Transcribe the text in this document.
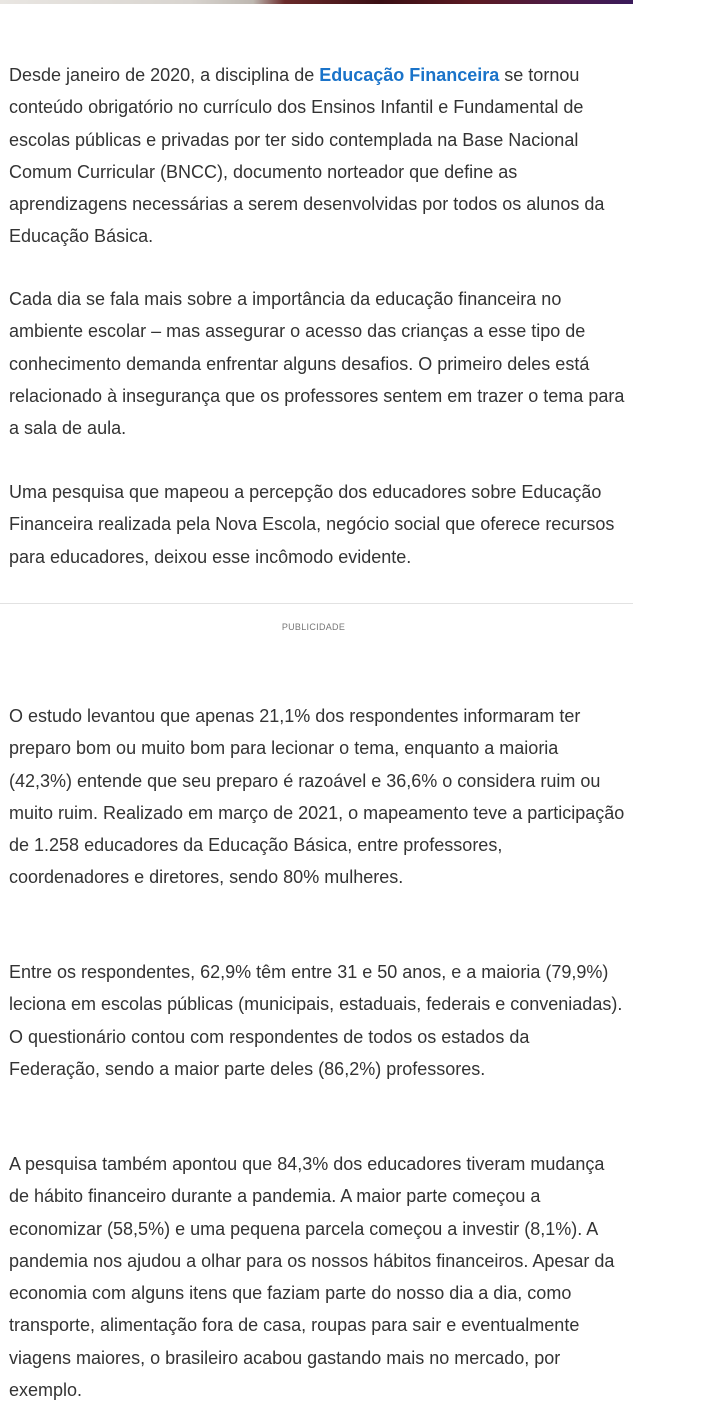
Desde janeiro de 2020, a disciplina de Educação Financeira se tornou conteúdo obrigatório no currículo dos Ensinos Infantil e Fundamental de escolas públicas e privadas por ter sido contemplada na Base Nacional Comum Curricular (BNCC), documento norteador que define as aprendizagens necessárias a serem desenvolvidas por todos os alunos da Educação Básica.

Cada dia se fala mais sobre a importância da educação financeira no ambiente escolar – mas assegurar o acesso das crianças a esse tipo de conhecimento demanda enfrentar alguns desafios. O primeiro deles está relacionado à insegurança que os professores sentem em trazer o tema para a sala de aula.

Uma pesquisa que mapeou a percepção dos educadores sobre Educação Financeira realizada pela Nova Escola, negócio social que oferece recursos para educadores, deixou esse incômodo evidente.

PUBLICIDADE

O estudo levantou que apenas 21,1% dos respondentes informaram ter preparo bom ou muito bom para lecionar o tema, enquanto a maioria (42,3%) entende que seu preparo é razoável e 36,6% o considera ruim ou muito ruim. Realizado em março de 2021, o mapeamento teve a participação de 1.258 educadores da Educação Básica, entre professores, coordenadores e diretores, sendo 80% mulheres.

Entre os respondentes, 62,9% têm entre 31 e 50 anos, e a maioria (79,9%) leciona em escolas públicas (municipais, estaduais, federais e conveniadas). O questionário contou com respondentes de todos os estados da Federação, sendo a maior parte deles (86,2%) professores.

A pesquisa também apontou que 84,3% dos educadores tiveram mudança de hábito financeiro durante a pandemia. A maior parte começou a economizar (58,5%) e uma pequena parcela começou a investir (8,1%). A pandemia nos ajudou a olhar para os nossos hábitos financeiros. Apesar da economia com alguns itens que faziam parte do nosso dia a dia, como transporte, alimentação fora de casa, roupas para sair e eventualmente viagens maiores, o brasileiro acabou gastando mais no mercado, por exemplo.
